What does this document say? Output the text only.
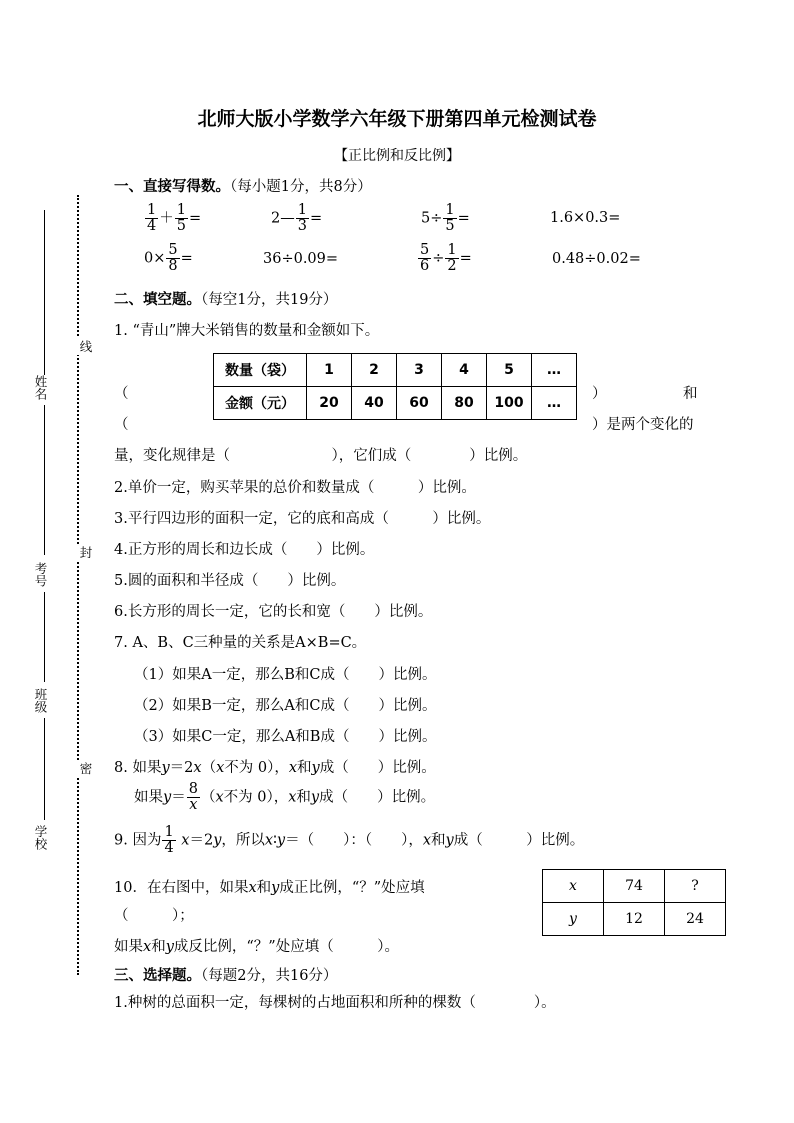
北师大版小学数学六年级下册第四单元检测试卷
【正比例和反比例】
姓名
考号
班级
学校
线
封
密
一、直接写得数。（每小题1分，共8分）
$\frac{1}{4} + \frac{1}{5}$ =	2— $\frac{1}{3}$ =	$5\div \frac{1}{5}$ =	1.6×0.3=
$0\times \frac{5}{8}$ =	36÷0.09=	$\frac{5}{6} \div \frac{1}{2}$ =	0.48÷0.02=
二、填空题。（每空1分，共19分）
1. “青山”牌大米销售的数量和金额如下。
数量（袋）	1	2	3	4	5	…
金额（元）	20	40	60	80	100	…
（	）	和
（	）是两个变化的
量，变化规律是（　　　　　　　），它们成（　　　　）比例。
2.单价一定，购买苹果的总价和数量成（　　　）比例。
3.平行四边形的面积一定，它的底和高成（　　　）比例。
4.正方形的周长和边长成（　　）比例。
5.圆的面积和半径成（　　）比例。
6.长方形的周长一定，它的长和宽（　　）比例。
7. A、B、C三种量的关系是A×B=C。
（1）如果A一定，那么B和C成（　　）比例。
（2）如果B一定，那么A和C成（　　）比例。
（3）如果C一定，那么A和B成（　　）比例。
8. 如果y＝2x（x不为 0），x和y成（　　）比例。
如果$y= \frac{8}{x} (x$不为 0），x和y成（　　）比例。
9. 因为 $\frac{1}{4} x=2y$，所以x∶y＝（　　）：（　　），x和y成（　　　）比例。
10．在右图中，如果x和y成正比例，“？”处应填
（　　　）；
如果x和y成反比例，“？”处应填（　　　）。
x	74	?
y	12	24
三、选择题。（每题2分，共16分）
1.种树的总面积一定，每棵树的占地面积和所种的棵数（　　　　）。
